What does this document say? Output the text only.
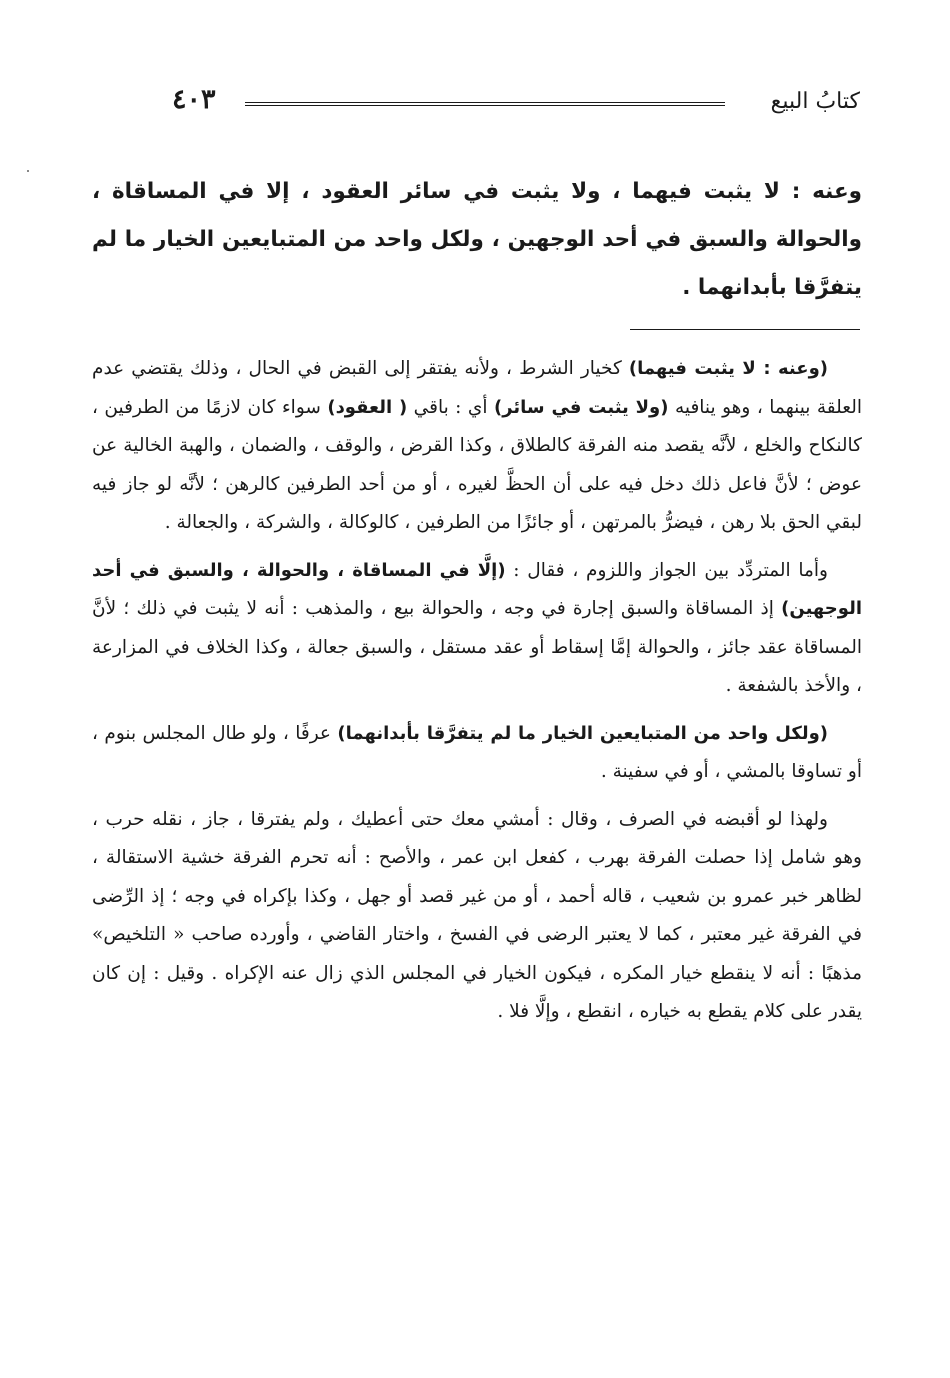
٤٠٣	كتابُ البيع

وعنه : لا يثبت فيهما ، ولا يثبت في سائر العقود ، إلا في المساقاة ، والحوالة والسبق في أحد الوجهين ، ولكل واحد من المتبايعين الخيار ما لم يتفرَّقا بأبدانهما .

(وعنه : لا يثبت فيهما) كخيار الشرط ، ولأنه يفتقر إلى القبض في الحال ، وذلك يقتضي عدم العلقة بينهما ، وهو ينافيه (ولا يثبت في سائر) أي : باقي ( العقود) سواء كان لازمًا من الطرفين ، كالنكاح والخلع ، لأنَّه يقصد منه الفرقة كالطلاق ، وكذا القرض ، والوقف ، والضمان ، والهبة الخالية عن عوض ؛ لأنَّ فاعل ذلك دخل فيه على أن الحظَّ لغيره ، أو من أحد الطرفين كالرهن ؛ لأنَّه لو جاز فيه لبقي الحق بلا رهن ، فيضرُّ بالمرتهن ، أو جائزًا من الطرفين ، كالوكالة ، والشركة ، والجعالة .

وأما المتردِّد بين الجواز واللزوم ، فقال : (إلَّا في المساقاة ، والحوالة ، والسبق في أحد الوجهين) إذ المساقاة والسبق إجارة في وجه ، والحوالة بيع ، والمذهب : أنه لا يثبت في ذلك ؛ لأنَّ المساقاة عقد جائز ، والحوالة إمَّا إسقاط أو عقد مستقل ، والسبق جعالة ، وكذا الخلاف في المزارعة ، والأخذ بالشفعة .

(ولكل واحد من المتبايعين الخيار ما لم يتفرَّقا بأبدانهما) عرفًا ، ولو طال المجلس بنوم ، أو تساوقا بالمشي ، أو في سفينة .

ولهذا لو أقبضه في الصرف ، وقال : أمشي معك حتى أعطيك ، ولم يفترقا ، جاز ، نقله حرب ، وهو شامل إذا حصلت الفرقة بهرب ، كفعل ابن عمر ، والأصح : أنه تحرم الفرقة خشية الاستقالة ، لظاهر خبر عمرو بن شعيب ، قاله أحمد ، أو من غير قصد أو جهل ، وكذا بإكراه في وجه ؛ إذ الرِّضى في الفرقة غير معتبر ، كما لا يعتبر الرضى في الفسخ ، واختار القاضي ، وأورده صاحب « التلخيص» مذهبًا : أنه لا ينقطع خيار المكره ، فيكون الخيار في المجلس الذي زال عنه الإكراه . وقيل : إن كان يقدر على كلام يقطع به خياره ، انقطع ، وإلَّا فلا .
